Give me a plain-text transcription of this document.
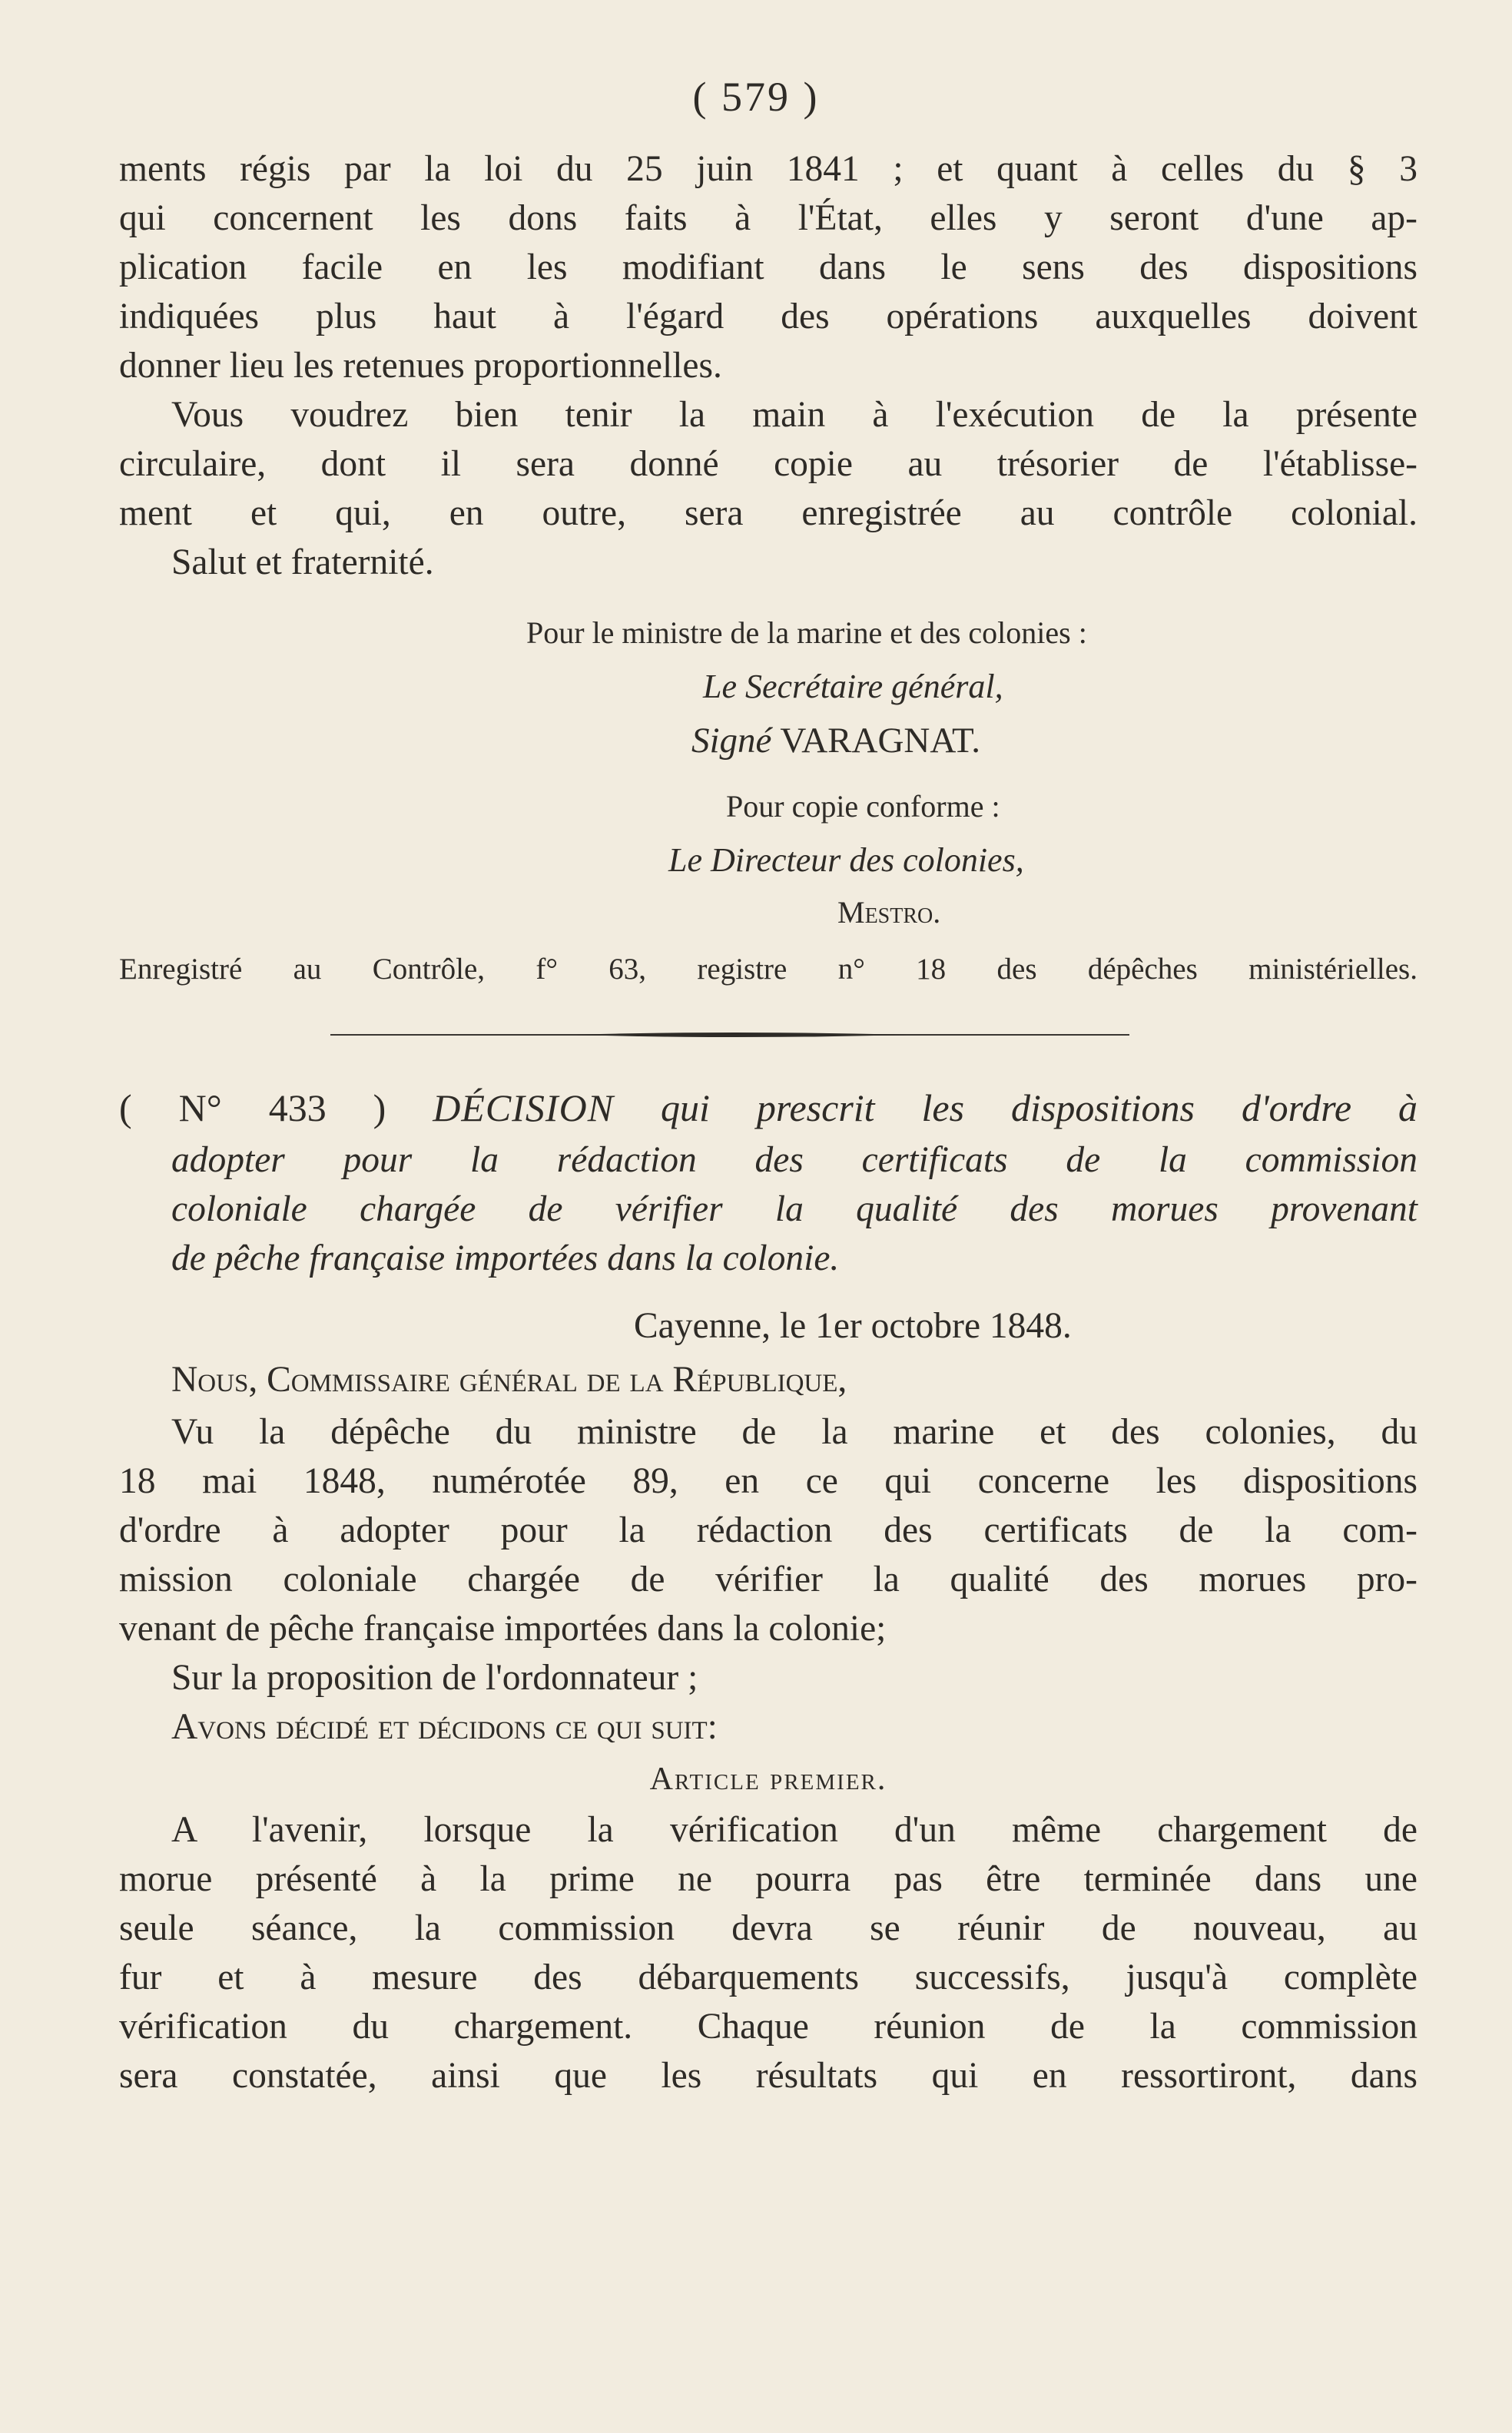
( 579 )
ments régis par la loi du 25 juin 1841 ; et quant à celles du § 3
qui concernent les dons faits à l'État, elles y seront d'une ap-
plication facile en les modifiant dans le sens des dispositions
indiquées plus haut à l'égard des opérations auxquelles doivent
donner lieu les retenues proportionnelles.
Vous voudrez bien tenir la main à l'exécution de la présente
circulaire, dont il sera donné copie au trésorier de l'établisse-
ment et qui, en outre, sera enregistrée au contrôle colonial.
Salut et fraternité.
Pour le ministre de la marine et des colonies :
Le Secrétaire général,
Signé VARAGNAT.
Pour copie conforme :
Le Directeur des colonies,
Mestro.
Enregistré au Contrôle, f° 63, registre n° 18 des dépêches ministérielles.
( N° 433 ) DÉCISION qui prescrit les dispositions d'ordre à
adopter pour la rédaction des certificats de la commission
coloniale chargée de vérifier la qualité des morues provenant
de pêche française importées dans la colonie.
Cayenne, le 1er octobre 1848.
Nous, Commissaire général de la République,
Vu la dépêche du ministre de la marine et des colonies, du
18 mai 1848, numérotée 89, en ce qui concerne les dispositions
d'ordre à adopter pour la rédaction des certificats de la com-
mission coloniale chargée de vérifier la qualité des morues pro-
venant de pêche française importées dans la colonie;
Sur la proposition de l'ordonnateur ;
Avons décidé et décidons ce qui suit:
Article premier.
A l'avenir, lorsque la vérification d'un même chargement de
morue présenté à la prime ne pourra pas être terminée dans une
seule séance, la commission devra se réunir de nouveau, au
fur et à mesure des débarquements successifs, jusqu'à complète
vérification du chargement. Chaque réunion de la commission
sera constatée, ainsi que les résultats qui en ressortiront, dans
